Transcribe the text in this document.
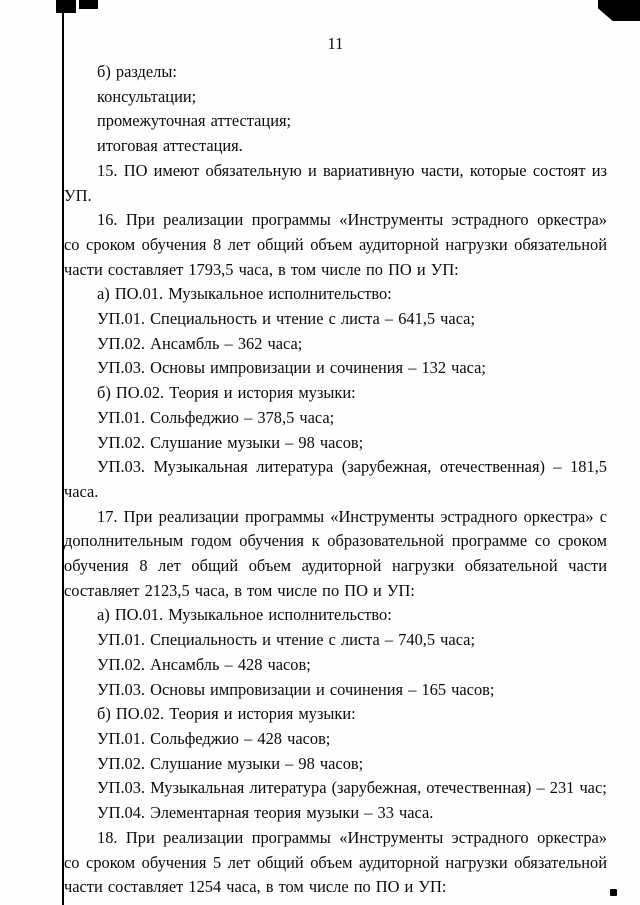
11

б) разделы:

консультации;

промежуточная аттестация;

итоговая аттестация.

15. ПО имеют обязательную и вариативную части, которые состоят из УП.

16. При реализации программы «Инструменты эстрадного оркестра» со сроком обучения 8 лет общий объем аудиторной нагрузки обязательной части составляет 1793,5 часа, в том числе по ПО и УП:

а) ПО.01. Музыкальное исполнительство:

УП.01. Специальность и чтение с листа – 641,5 часа;

УП.02. Ансамбль – 362 часа;

УП.03. Основы импровизации и сочинения – 132 часа;

б) ПО.02. Теория и история музыки:

УП.01. Сольфеджио – 378,5 часа;

УП.02. Слушание музыки – 98 часов;

УП.03. Музыкальная литература (зарубежная, отечественная) – 181,5 часа.

17. При реализации программы «Инструменты эстрадного оркестра» с дополнительным годом обучения к образовательной программе со сроком обучения 8 лет общий объем аудиторной нагрузки обязательной части составляет 2123,5 часа, в том числе по ПО и УП:

а) ПО.01. Музыкальное исполнительство:

УП.01. Специальность и чтение с листа – 740,5 часа;

УП.02. Ансамбль – 428 часов;

УП.03. Основы импровизации и сочинения – 165 часов;

б) ПО.02. Теория и история музыки:

УП.01. Сольфеджио – 428 часов;

УП.02. Слушание музыки – 98 часов;

УП.03. Музыкальная литература (зарубежная, отечественная) – 231 час;

УП.04. Элементарная теория музыки – 33 часа.

18. При реализации программы «Инструменты эстрадного оркестра» со сроком обучения 5 лет общий объем аудиторной нагрузки обязательной части составляет 1254 часа, в том числе по ПО и УП:
